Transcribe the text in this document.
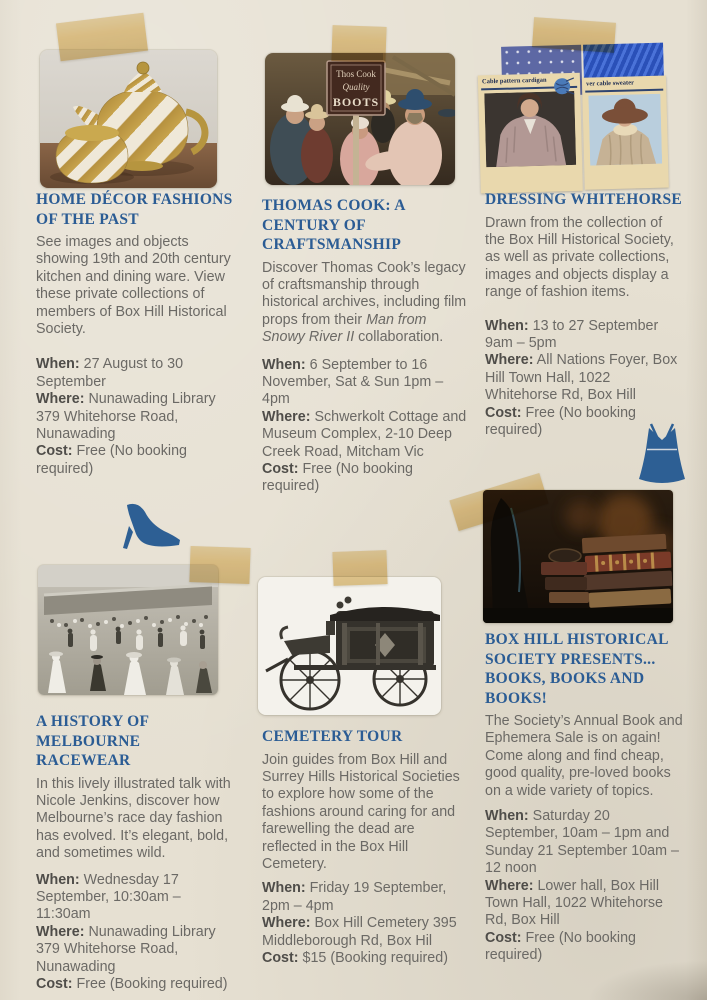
Thos Cook
Quality
BOOTS
Cable pattern cardigan	ver cable sweater
HOME DÉCOR FASHIONS OF THE PAST

See images and objects showing 19th and 20th century kitchen and dining ware. View these private collections of members of Box Hill Historical Society.

When: 27 August to 30 September

Where: Nunawading Library 379 Whitehorse Road, Nunawading

Cost: Free (No booking required)

THOMAS COOK: A CENTURY OF CRAFTSMANSHIP

Discover Thomas Cook’s legacy of craftsmanship through historical archives, including film props from their Man from Snowy River II collaboration.

When: 6 September to 16 November, Sat & Sun 1pm – 4pm

Where: Schwerkolt Cottage and Museum Complex, 2-10 Deep Creek Road, Mitcham Vic

Cost: Free (No booking required)

DRESSING WHITEHORSE

Drawn from the collection of the Box Hill Historical Society, as well as private collections, images and objects display a range of fashion items.

When: 13 to 27 September 9am – 5pm

Where: All Nations Foyer, Box Hill Town Hall, 1022 Whitehorse Rd, Box Hill

Cost: Free (No booking required)

A HISTORY OF MELBOURNE RACEWEAR

In this lively illustrated talk with Nicole Jenkins, discover how Melbourne’s race day fashion has evolved. It’s elegant, bold, and sometimes wild.

When: Wednesday 17 September, 10:30am – 11:30am

Where: Nunawading Library 379 Whitehorse Road, Nunawading

Cost: Free (Booking required)

CEMETERY TOUR

Join guides from Box Hill and Surrey Hills Historical Societies to explore how some of the fashions around caring for and farewelling the dead are reflected in the Box Hill Cemetery.

When: Friday 19 September, 2pm – 4pm

Where: Box Hill Cemetery 395 Middleborough Rd, Box Hil

Cost: $15 (Booking required)

BOX HILL HISTORICAL SOCIETY PRESENTS... BOOKS, BOOKS AND BOOKS!

The Society’s Annual Book and Ephemera Sale is on again! Come along and find cheap, good quality, pre-loved books on a wide variety of topics.

When: Saturday 20 September, 10am – 1pm and Sunday 21 September 10am – 12 noon

Where: Lower hall, Box Hill Town Hall, 1022 Whitehorse Rd, Box Hill

Cost: Free (No booking required)
